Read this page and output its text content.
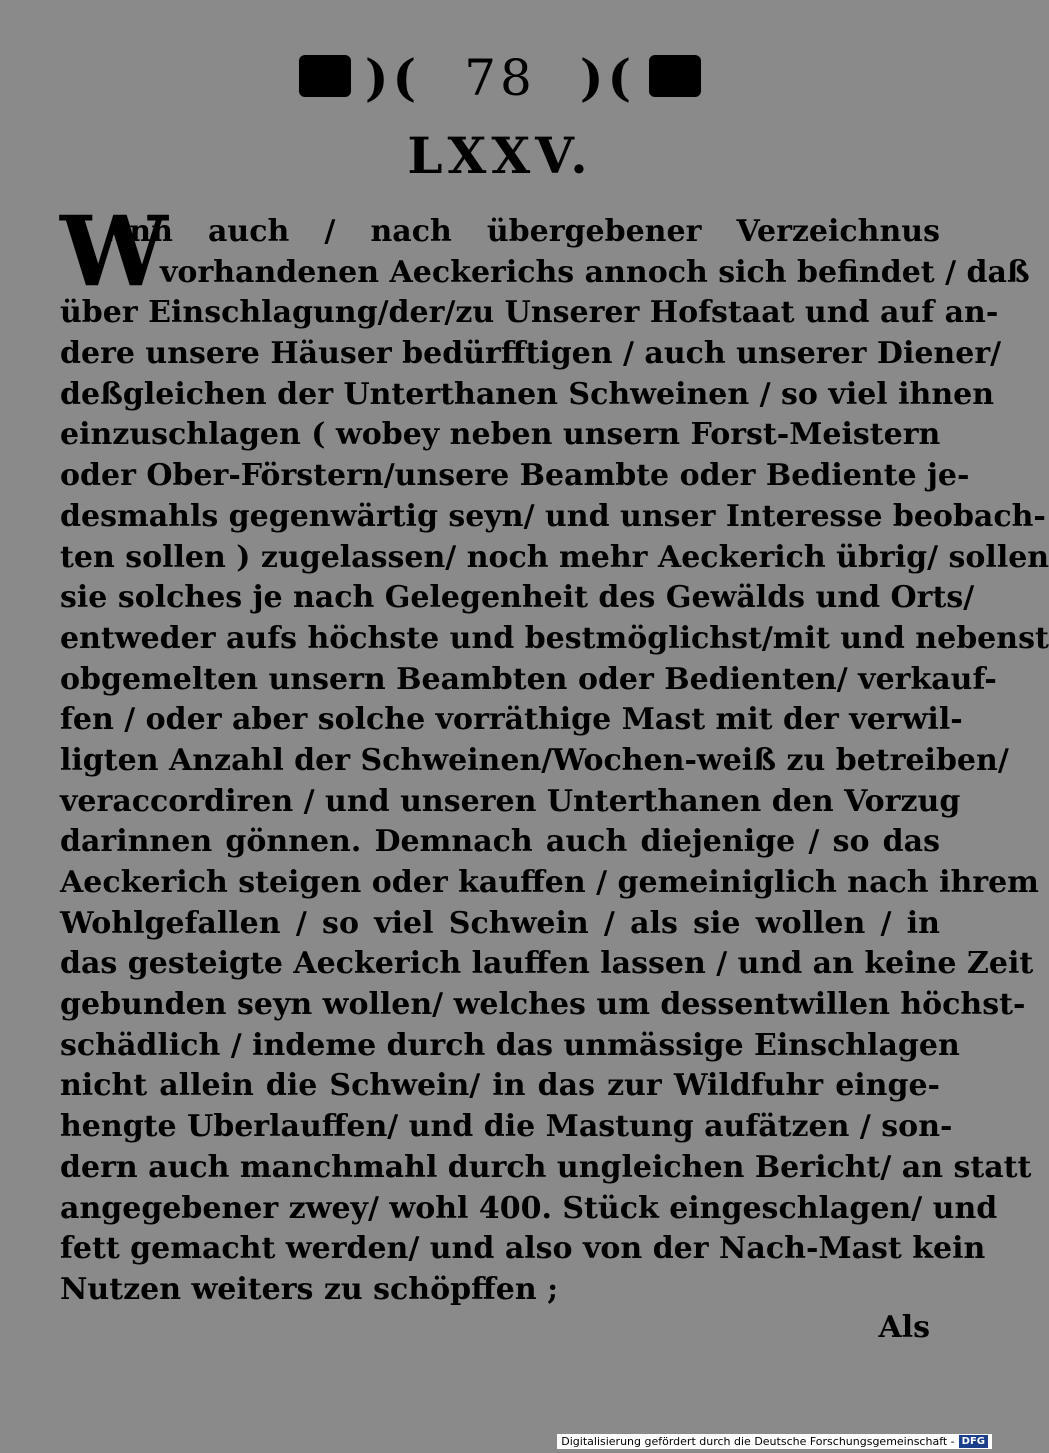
)( 78 )(
LXXV.
W
Ann auch / nach übergebener Verzeichnus
vorhandenen Aeckerichs annoch sich befindet / daß
über Einschlagung/der/zu Unserer Hofstaat und auf an-
dere unsere Häuser bedürfftigen / auch unserer Diener/
deßgleichen der Unterthanen Schweinen / so viel ihnen
einzuschlagen ( wobey neben unsern Forst-Meistern
oder Ober-Förstern/unsere Beambte oder Bediente je-
desmahls gegenwärtig seyn/ und unser Interesse beobach-
ten sollen ) zugelassen/ noch mehr Aeckerich übrig/ sollen
sie solches je nach Gelegenheit des Gewälds und Orts/
entweder aufs höchste und bestmöglichst/mit und nebenst
obgemelten unsern Beambten oder Bedienten/ verkauf-
fen / oder aber solche vorräthige Mast mit der verwil-
ligten Anzahl der Schweinen/Wochen-weiß zu betreiben/
veraccordiren / und unseren Unterthanen den Vorzug
darinnen gönnen. Demnach auch diejenige / so das
Aeckerich steigen oder kauffen / gemeiniglich nach ihrem
Wohlgefallen / so viel Schwein / als sie wollen / in
das gesteigte Aeckerich lauffen lassen / und an keine Zeit
gebunden seyn wollen/ welches um dessentwillen höchst-
schädlich / indeme durch das unmässige Einschlagen
nicht allein die Schwein/ in das zur Wildfuhr einge-
hengte Uberlauffen/ und die Mastung aufätzen / son-
dern auch manchmahl durch ungleichen Bericht/ an statt
angegebener zwey/ wohl 400. Stück eingeschlagen/ und
fett gemacht werden/ und also von der Nach-Mast kein
Nutzen weiters zu schöpffen ;
Als
Digitalisierung gefördert durch die Deutsche Forschungsgemeinschaft - DFG
